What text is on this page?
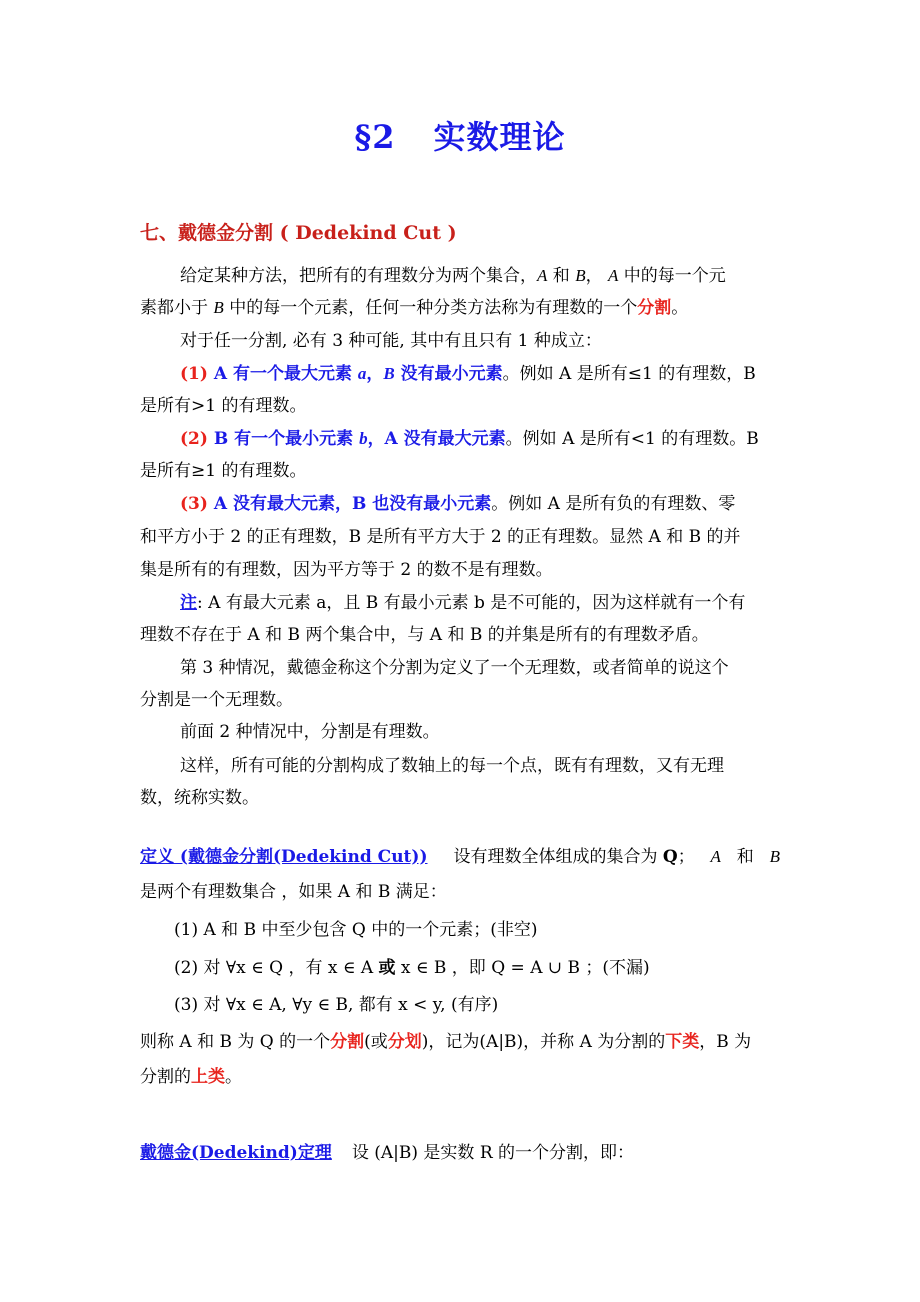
§2 实数理论
七、戴德金分割 ( Dedekind Cut )
给定某种方法，把所有的有理数分为两个集合，A 和 B， A 中的每一个元
素都小于 B 中的每一个元素，任何一种分类方法称为有理数的一个分割。
对于任一分割, 必有 3 种可能, 其中有且只有 1 种成立：
(1) A 有一个最大元素 a，B 没有最小元素。例如 A 是所有≤1 的有理数，B
是所有>1 的有理数。
(2) B 有一个最小元素 b，A 没有最大元素。例如 A 是所有<1 的有理数。B
是所有≥1 的有理数。
(3) A 没有最大元素，B 也没有最小元素。例如 A 是所有负的有理数、零
和平方小于 2 的正有理数，B 是所有平方大于 2 的正有理数。显然 A 和 B 的并
集是所有的有理数，因为平方等于 2 的数不是有理数。
注: A 有最大元素 a，且 B 有最小元素 b 是不可能的，因为这样就有一个有
理数不存在于 A 和 B 两个集合中，与 A 和 B 的并集是所有的有理数矛盾。
第 3 种情况，戴德金称这个分割为定义了一个无理数，或者简单的说这个
分割是一个无理数。
前面 2 种情况中，分割是有理数。
这样，所有可能的分割构成了数轴上的每一个点，既有有理数，又有无理
数，统称实数。
定义 (戴德金分割(Dedekind Cut)) 设有理数全体组成的集合为 Q； A 和 B
是两个有理数集合 ，如果 A 和 B 满足：
(1) A 和 B 中至少包含 Q 中的一个元素；(非空)
(2) 对 ∀x ∈ Q ，有 x ∈ A 或 x ∈ B ，即 Q = A ∪ B ；(不漏)
(3) 对 ∀x ∈ A, ∀y ∈ B, 都有 x < y, (有序)
则称 A 和 B 为 Q 的一个分割(或分划)，记为(A|B)，并称 A 为分割的下类，B 为
分割的上类。
戴德金(Dedekind)定理 设 (A|B) 是实数 R 的一个分割，即：
